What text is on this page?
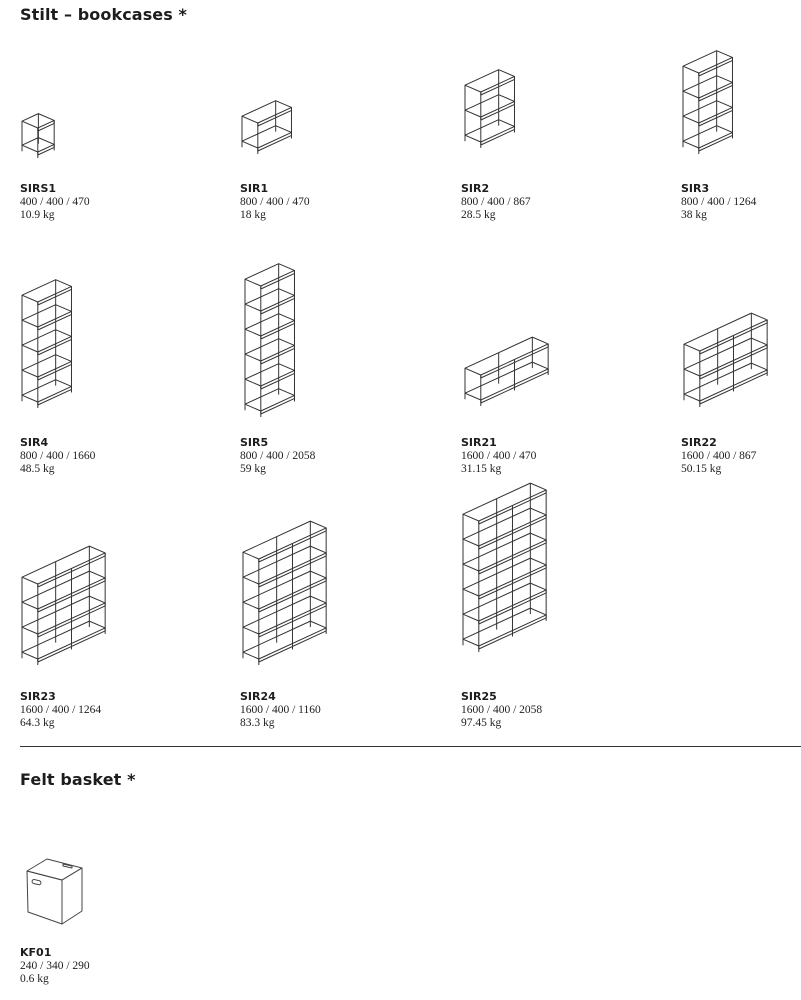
Stilt – bookcases *
SIRS1
400 / 400 / 470
10.9 kg
SIR1
800 / 400 / 470
18 kg
SIR2
800 / 400 / 867
28.5 kg
SIR3
800 / 400 / 1264
38 kg
SIR4
800 / 400 / 1660
48.5 kg
SIR5
800 / 400 / 2058
59 kg
SIR21
1600 / 400 / 470
31.15 kg
SIR22
1600 / 400 / 867
50.15 kg
SIR23
1600 / 400 / 1264
64.3 kg
SIR24
1600 / 400 / 1160
83.3 kg
SIR25
1600 / 400 / 2058
97.45 kg
Felt basket *
KF01
240 / 340 / 290
0.6 kg
